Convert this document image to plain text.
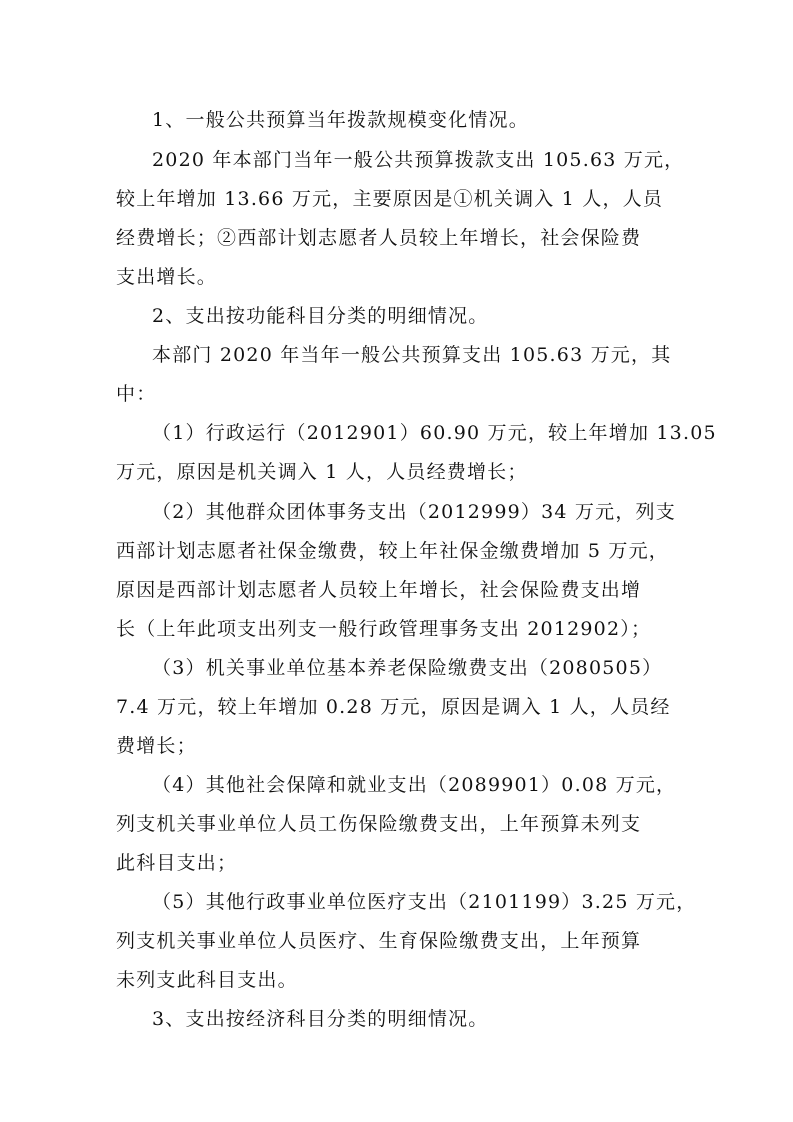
1、一般公共预算当年拨款规模变化情况。
2020 年本部门当年一般公共预算拨款支出 105.63 万元，
较上年增加 13.66 万元，主要原因是①机关调入 1 人，人员
经费增长；②西部计划志愿者人员较上年增长，社会保险费
支出增长。
2、支出按功能科目分类的明细情况。
本部门 2020 年当年一般公共预算支出 105.63 万元，其
中：
（1）行政运行（2012901）60.90 万元，较上年增加 13.05
万元，原因是机关调入 1 人，人员经费增长；
（2）其他群众团体事务支出（2012999）34 万元，列支
西部计划志愿者社保金缴费，较上年社保金缴费增加 5 万元，
原因是西部计划志愿者人员较上年增长，社会保险费支出增
长（上年此项支出列支一般行政管理事务支出 2012902）；
（3）机关事业单位基本养老保险缴费支出（2080505）
7.4 万元，较上年增加 0.28 万元，原因是调入 1 人，人员经
费增长；
（4）其他社会保障和就业支出（2089901）0.08 万元，
列支机关事业单位人员工伤保险缴费支出，上年预算未列支
此科目支出；
（5）其他行政事业单位医疗支出（2101199）3.25 万元，
列支机关事业单位人员医疗、生育保险缴费支出，上年预算
未列支此科目支出。
3、支出按经济科目分类的明细情况。
